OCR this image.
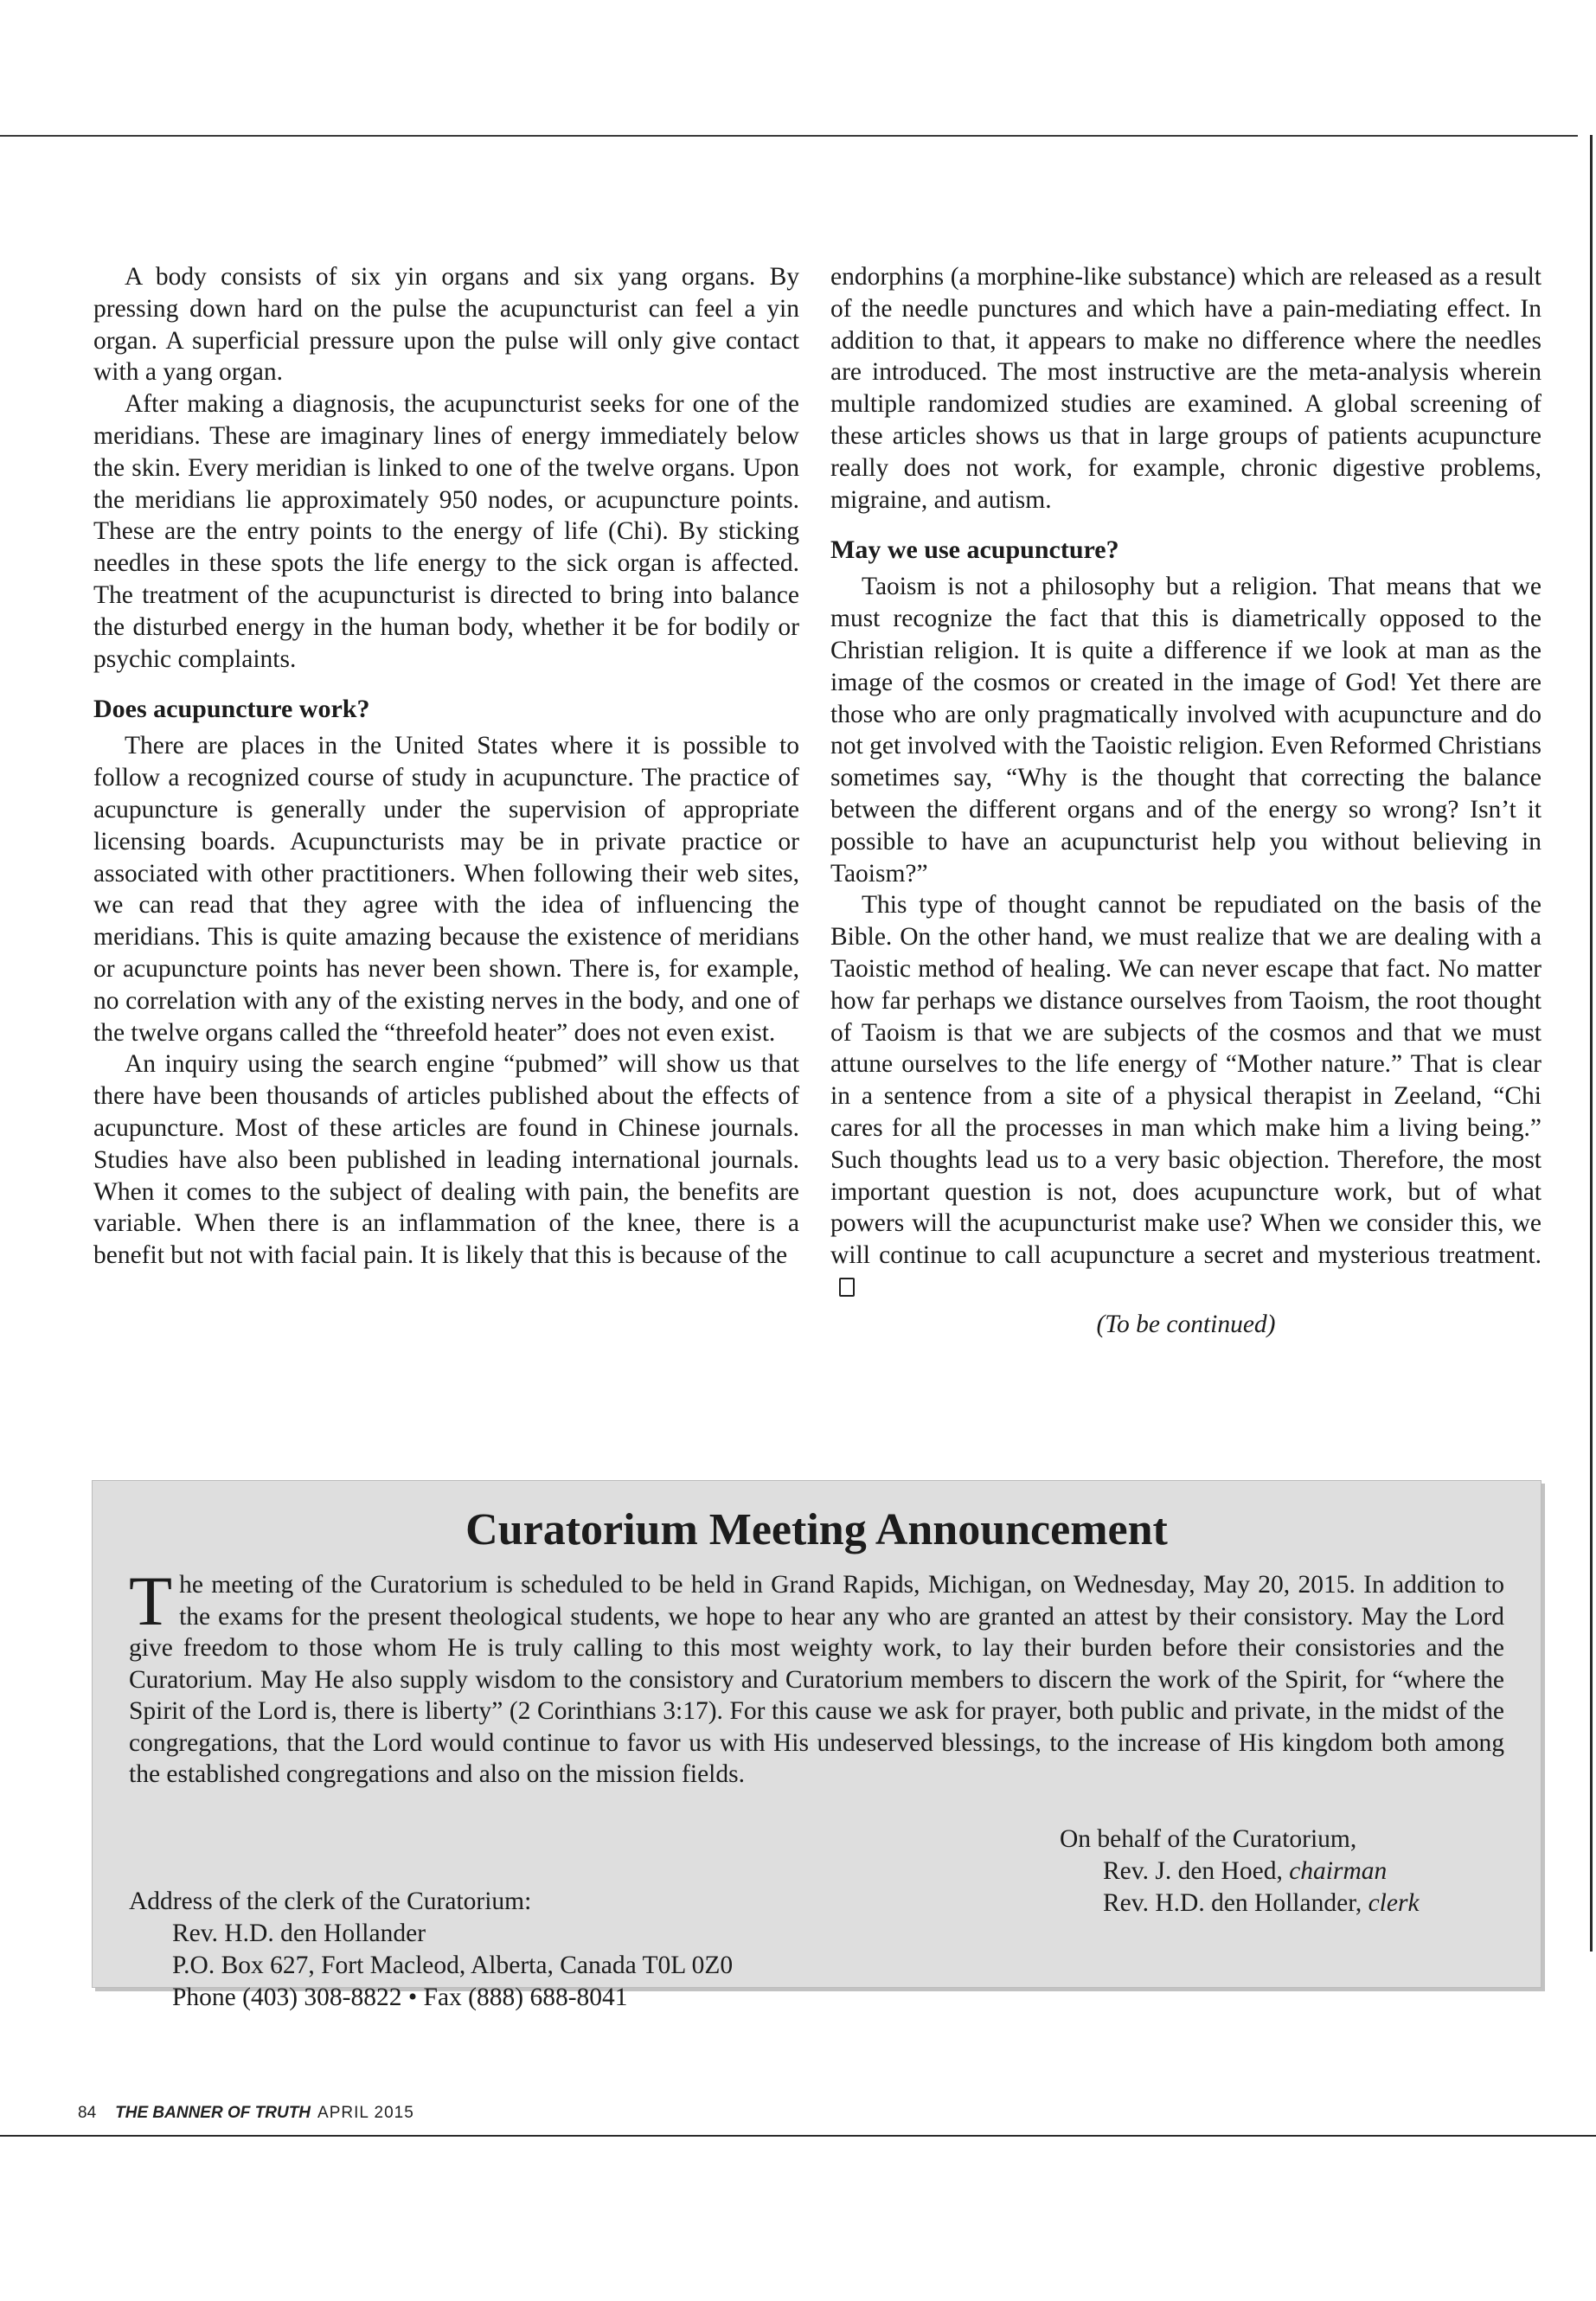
A body consists of six yin organs and six yang organs. By pressing down hard on the pulse the acupuncturist can feel a yin organ. A superficial pressure upon the pulse will only give contact with a yang organ.

After making a diagnosis, the acupuncturist seeks for one of the meridians. These are imaginary lines of energy immediately below the skin. Every meridian is linked to one of the twelve organs. Upon the meridians lie approximately 950 nodes, or acupuncture points. These are the entry points to the energy of life (Chi). By sticking needles in these spots the life energy to the sick organ is affected. The treatment of the acupuncturist is directed to bring into balance the disturbed energy in the human body, whether it be for bodily or psychic complaints.

Does acupuncture work?

There are places in the United States where it is possible to follow a recognized course of study in acupuncture. The practice of acupuncture is generally under the supervision of appropriate licensing boards. Acupuncturists may be in private practice or associated with other practitioners. When following their web sites, we can read that they agree with the idea of influencing the meridians. This is quite amazing because the existence of meridians or acupuncture points has never been shown. There is, for example, no correlation with any of the existing nerves in the body, and one of the twelve organs called the “threefold heater” does not even exist.

An inquiry using the search engine “pubmed” will show us that there have been thousands of articles published about the effects of acupuncture. Most of these articles are found in Chinese journals. Studies have also been published in leading international journals. When it comes to the subject of dealing with pain, the benefits are variable. When there is an inflammation of the knee, there is a benefit but not with facial pain. It is likely that this is because of the

endorphins (a morphine-like substance) which are released as a result of the needle punctures and which have a pain-mediating effect. In addition to that, it appears to make no difference where the needles are introduced. The most instructive are the meta-analysis wherein multiple randomized studies are examined. A global screening of these articles shows us that in large groups of patients acupuncture really does not work, for example, chronic digestive problems, migraine, and autism.

May we use acupuncture?

Taoism is not a philosophy but a religion. That means that we must recognize the fact that this is diametrically opposed to the Christian religion. It is quite a difference if we look at man as the image of the cosmos or created in the image of God! Yet there are those who are only pragmatically involved with acupuncture and do not get involved with the Taoistic religion. Even Reformed Christians sometimes say, “Why is the thought that correcting the balance between the different organs and of the energy so wrong? Isn’t it possible to have an acupuncturist help you without believing in Taoism?”

This type of thought cannot be repudiated on the basis of the Bible. On the other hand, we must realize that we are dealing with a Taoistic method of healing. We can never escape that fact. No matter how far perhaps we distance ourselves from Taoism, the root thought of Taoism is that we are subjects of the cosmos and that we must attune ourselves to the life energy of “Mother nature.” That is clear in a sentence from a site of a physical therapist in Zeeland, “Chi cares for all the processes in man which make him a living being.” Such thoughts lead us to a very basic objection. Therefore, the most important question is not, does acupuncture work, but of what powers will the acupuncturist make use? When we consider this, we will continue to call acupuncture a secret and mysterious treatment.

(To be continued)

Curatorium Meeting Announcement

The meeting of the Curatorium is scheduled to be held in Grand Rapids, Michigan, on Wednesday, May 20, 2015. In addition to the exams for the present theological students, we hope to hear any who are granted an attest by their consistory. May the Lord give freedom to those whom He is truly calling to this most weighty work, to lay their burden before their consistories and the Curatorium. May He also supply wisdom to the consistory and Curatorium members to discern the work of the Spirit, for “where the Spirit of the Lord is, there is liberty” (2 Corinthians 3:17). For this cause we ask for prayer, both public and private, in the midst of the congregations, that the Lord would continue to favor us with His undeserved blessings, to the increase of His kingdom both among the established congregations and also on the mission fields.

On behalf of the Curatorium,
Rev. J. den Hoed, chairman
Rev. H.D. den Hollander, clerk
Address of the clerk of the Curatorium:
Rev. H.D. den Hollander
P.O. Box 627, Fort Macleod, Alberta, Canada T0L 0Z0
Phone (403) 308-8822 • Fax (888) 688-8041
84 THE BANNER OF TRUTH APRIL 2015
